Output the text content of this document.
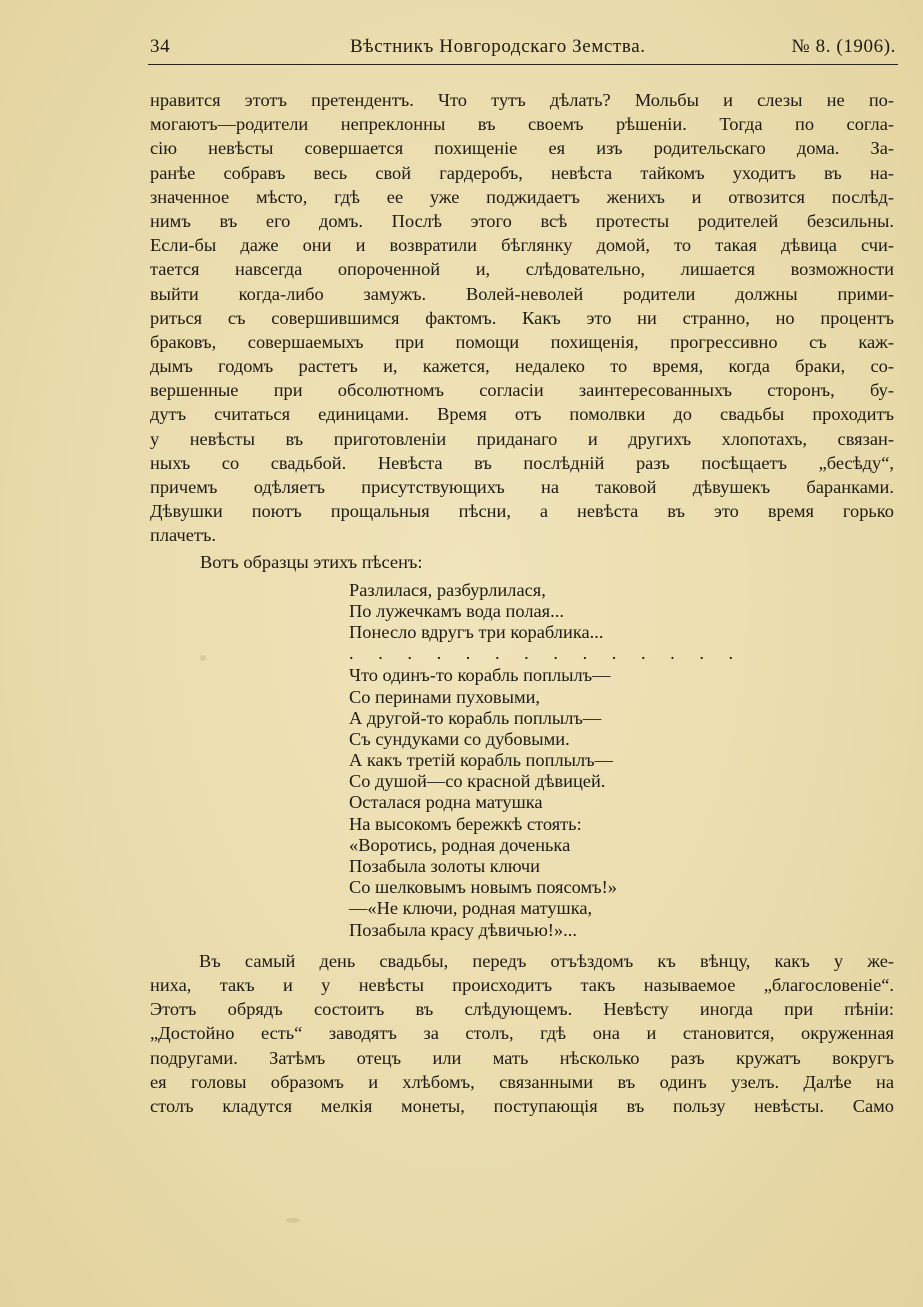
34	Вѣстникъ Новгородскаго Земства.	№ 8. (1906).
нравится этотъ претендентъ. Что тутъ дѣлать? Мольбы и слезы не по-
могаютъ—родители непреклонны въ своемъ рѣшеніи. Тогда по согла-
сію невѣсты совершается похищеніе ея изъ родительскаго дома. За-
ранѣе собравъ весь свой гардеробъ, невѣста тайкомъ уходитъ въ на-
значенное мѣсто, гдѣ ее уже поджидаетъ женихъ и отвозится послѣд-
нимъ въ его домъ. Послѣ этого всѣ протесты родителей безсильны.
Если-бы даже они и возвратили бѣглянку домой, то такая дѣвица счи-
тается навсегда опороченной и, слѣдовательно, лишается возможности
выйти когда-либо замужъ. Волей-неволей родители должны прими-
риться съ совершившимся фактомъ. Какъ это ни странно, но процентъ
браковъ, совершаемыхъ при помощи похищенія, прогрессивно съ каж-
дымъ годомъ растетъ и, кажется, недалеко то время, когда браки, со-
вершенные при обсолютномъ согласіи заинтересованныхъ сторонъ, бу-
дутъ считаться единицами. Время отъ помолвки до свадьбы проходитъ
у невѣсты въ приготовленіи приданаго и другихъ хлопотахъ, связан-
ныхъ со свадьбой. Невѣста въ послѣдній разъ посѣщаетъ „бесѣду“,
причемъ одѣляетъ присутствующихъ на таковой дѣвушекъ баранками.
Дѣвушки поютъ прощальныя пѣсни, а невѣста въ это время горько
плачетъ.
Вотъ образцы этихъ пѣсенъ:
Разлилася, разбурлилася,
По лужечкамъ вода полая...
Понесло вдругъ три кораблика...
. . . . . . . . . . . . . .
Что одинъ-то корабль поплылъ—
Со перинами пуховыми,
А другой-то корабль поплылъ—
Съ сундуками со дубовыми.
А какъ третій корабль поплылъ—
Со душой—со красной дѣвицей.
Осталася родна матушка
На высокомъ бережкѣ стоять:
«Воротись, родная доченька
Позабыла золоты ключи
Со шелковымъ новымъ поясомъ!»
—«Не ключи, родная матушка,
Позабыла красу дѣвичью!»...
Въ самый день свадьбы, передъ отъѣздомъ къ вѣнцу, какъ у же-
ниха, такъ и у невѣсты происходитъ такъ называемое „благословеніе“.
Этотъ обрядъ состоитъ въ слѣдующемъ. Невѣсту иногда при пѣніи:
„Достойно есть“ заводятъ за столъ, гдѣ она и становится, окруженная
подругами. Затѣмъ отецъ или мать нѣсколько разъ кружатъ вокругъ
ея головы образомъ и хлѣбомъ, связанными въ одинъ узелъ. Далѣе на
столъ кладутся мелкія монеты, поступающія въ пользу невѣсты. Само
